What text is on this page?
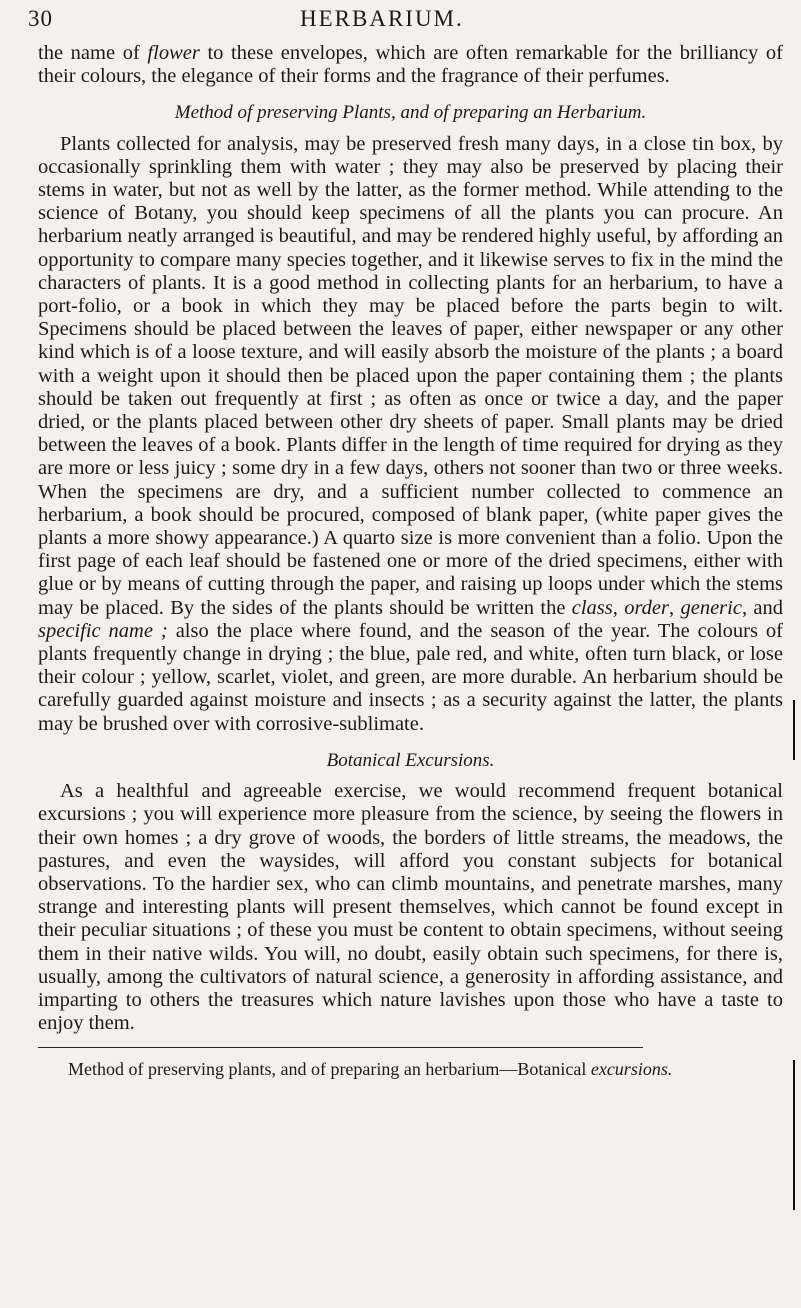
30	HERBARIUM.

the name of flower to these envelopes, which are often remarkable for the brilliancy of their colours, the elegance of their forms and the fragrance of their perfumes.

Method of preserving Plants, and of preparing an Herbarium.

Plants collected for analysis, may be preserved fresh many days, in a close tin box, by occasionally sprinkling them with water ; they may also be preserved by placing their stems in water, but not as well by the latter, as the former method. While attending to the science of Botany, you should keep specimens of all the plants you can procure. An herbarium neatly arranged is beautiful, and may be rendered highly useful, by affording an opportunity to compare many species together, and it likewise serves to fix in the mind the characters of plants. It is a good method in collecting plants for an herbarium, to have a port-folio, or a book in which they may be placed before the parts begin to wilt. Specimens should be placed between the leaves of paper, either newspaper or any other kind which is of a loose texture, and will easily absorb the moisture of the plants ; a board with a weight upon it should then be placed upon the paper containing them ; the plants should be taken out frequently at first ; as often as once or twice a day, and the paper dried, or the plants placed between other dry sheets of paper. Small plants may be dried between the leaves of a book. Plants differ in the length of time required for drying as they are more or less juicy ; some dry in a few days, others not sooner than two or three weeks. When the specimens are dry, and a sufficient number collected to commence an herbarium, a book should be procured, composed of blank paper, (white paper gives the plants a more showy appearance.) A quarto size is more convenient than a folio. Upon the first page of each leaf should be fastened one or more of the dried specimens, either with glue or by means of cutting through the paper, and raising up loops under which the stems may be placed. By the sides of the plants should be written the class, order, generic, and specific name ; also the place where found, and the season of the year. The colours of plants frequently change in drying ; the blue, pale red, and white, often turn black, or lose their colour ; yellow, scarlet, violet, and green, are more durable. An herbarium should be carefully guarded against moisture and insects ; as a security against the latter, the plants may be brushed over with corrosive-sublimate.

Botanical Excursions.

As a healthful and agreeable exercise, we would recommend frequent botanical excursions ; you will experience more pleasure from the science, by seeing the flowers in their own homes ; a dry grove of woods, the borders of little streams, the meadows, the pastures, and even the waysides, will afford you constant subjects for botanical observations. To the hardier sex, who can climb mountains, and penetrate marshes, many strange and interesting plants will present themselves, which cannot be found except in their peculiar situations ; of these you must be content to obtain specimens, without seeing them in their native wilds. You will, no doubt, easily obtain such specimens, for there is, usually, among the cultivators of natural science, a generosity in affording assistance, and imparting to others the treasures which nature lavishes upon those who have a taste to enjoy them.

Method of preserving plants, and of preparing an herbarium—Botanical excursions.
